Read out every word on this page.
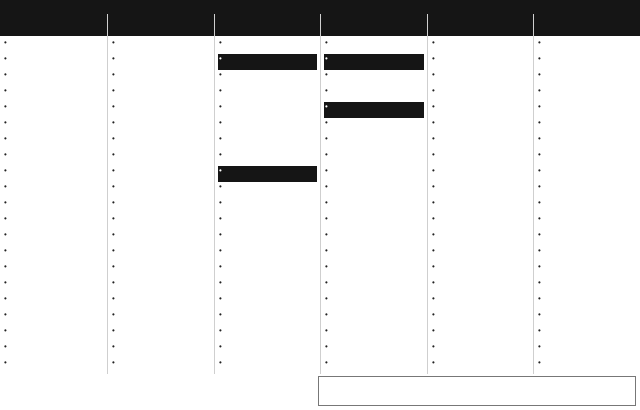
•
•
•
•
•
•
•
•
•
•
•
•
•
•
•
•
•
•
•
•
•
•
•
•
•
•
•
•
•
•
•
•
•
•
•
•
•
•
•
•
•
•
•
•
•
•
•
•
•
•
•
•
•
•
•
•
•
•
•
•
•
•
•
•
•
•
•
•
•
•
•
•
•
•
•
•
•
•
•
•
•
•
•
•
•
•
•
•
•
•
•
•
•
•
•
•
•
•
•
•
•
•
•
•
•
•
•
•
•
•
•
•
•
•
•
•
•
•
•
•
•
•
•
•
•
•
